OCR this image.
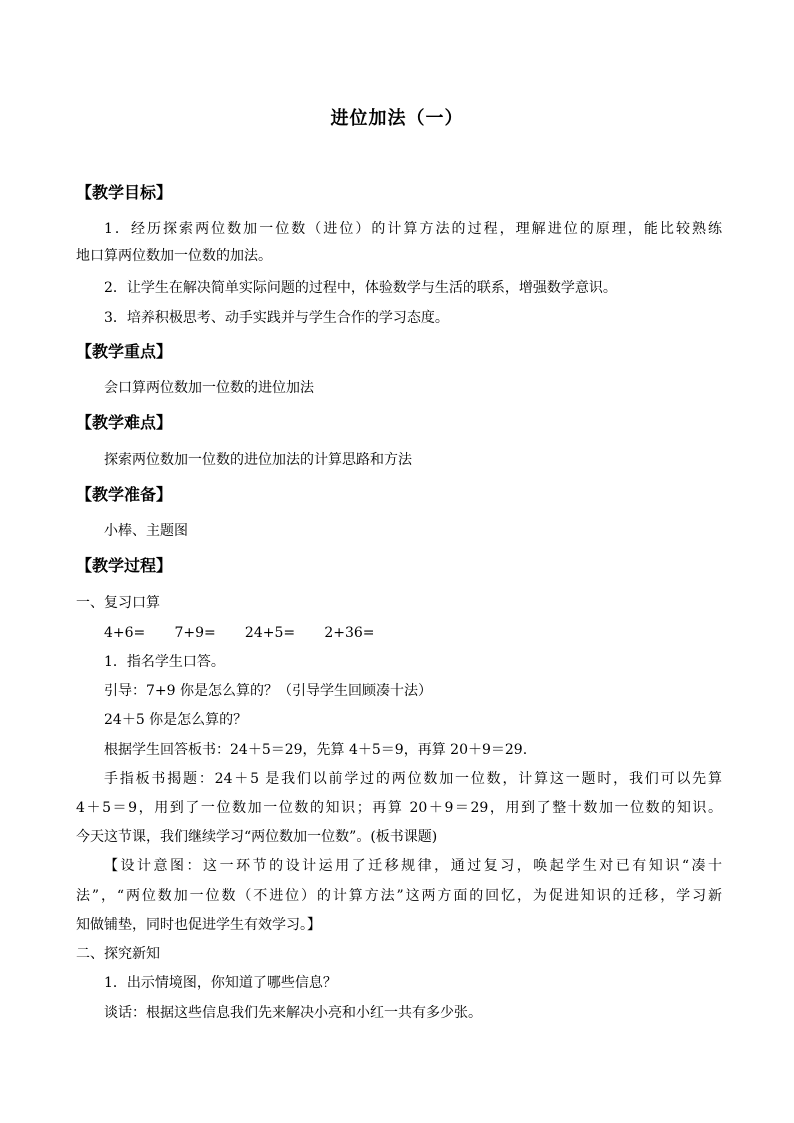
进位加法（一）
【教学目标】
1．经历探索两位数加一位数（进位）的计算方法的过程，理解进位的原理，能比较熟练
地口算两位数加一位数的加法。
2．让学生在解决简单实际问题的过程中，体验数学与生活的联系，增强数学意识。
3．培养积极思考、动手实践并与学生合作的学习态度。
【教学重点】
会口算两位数加一位数的进位加法
【教学难点】
探索两位数加一位数的进位加法的计算思路和方法
【教学准备】
小棒、主题图
【教学过程】
一、复习口算
4+6= 7+9= 24+5= 2+36=
1．指名学生口答。
引导：7+9 你是怎么算的？（引导学生回顾凑十法）
24＋5 你是怎么算的？
根据学生回答板书：24＋5＝29，先算 4＋5＝9，再算 20＋9＝29.
手指板书揭题：24＋5 是我们以前学过的两位数加一位数，计算这一题时，我们可以先算
4＋5＝9，用到了一位数加一位数的知识；再算 20＋9＝29，用到了整十数加一位数的知识。
今天这节课，我们继续学习“两位数加一位数”。(板书课题)
【设计意图：这一环节的设计运用了迁移规律，通过复习，唤起学生对已有知识“凑十
法”，“两位数加一位数（不进位）的计算方法”这两方面的回忆，为促进知识的迁移，学习新
知做铺垫，同时也促进学生有效学习。】
二、探究新知
1．出示情境图，你知道了哪些信息？
谈话：根据这些信息我们先来解决小亮和小红一共有多少张。
